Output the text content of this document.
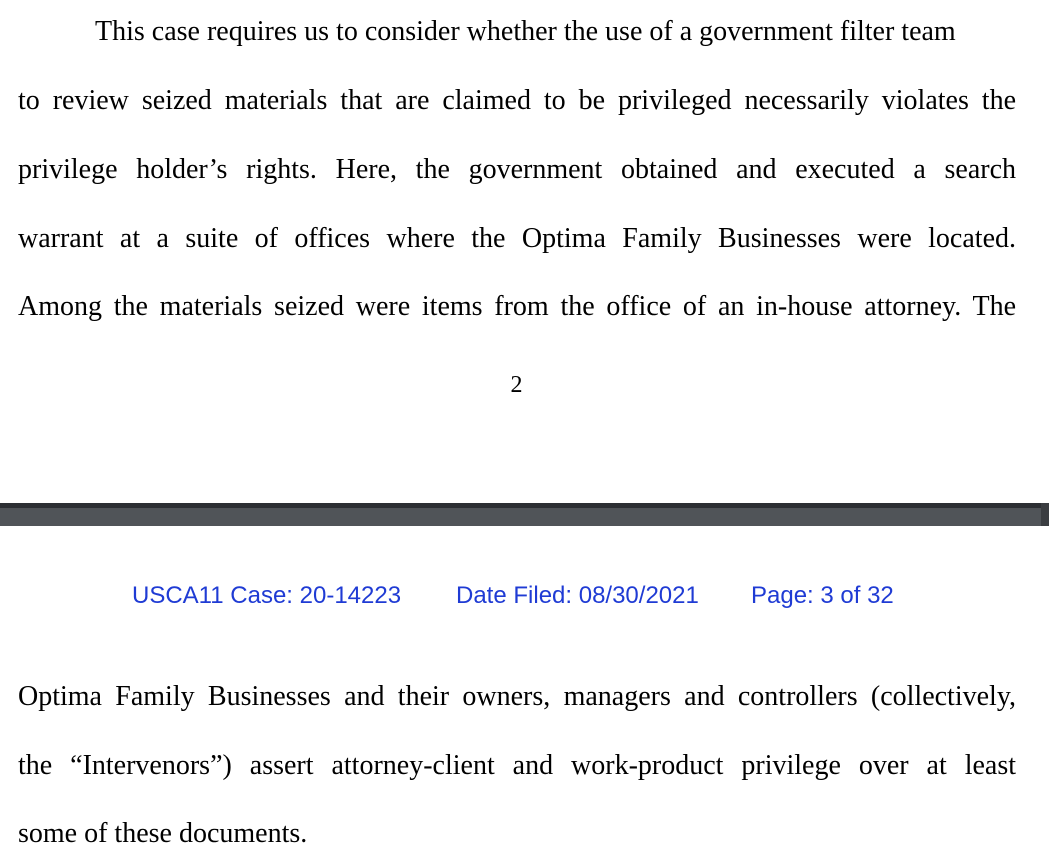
This case requires us to consider whether the use of a government filter team
to review seized materials that are claimed to be privileged necessarily violates the
privilege holder’s rights. Here, the government obtained and executed a search
warrant at a suite of offices where the Optima Family Businesses were located.
Among the materials seized were items from the office of an in-house attorney. The
2
USCA11 Case: 20-14223 Date Filed: 08/30/2021 Page: 3 of 32
Optima Family Businesses and their owners, managers and controllers (collectively,
the “Intervenors”) assert attorney-client and work-product privilege over at least
some of these documents.
